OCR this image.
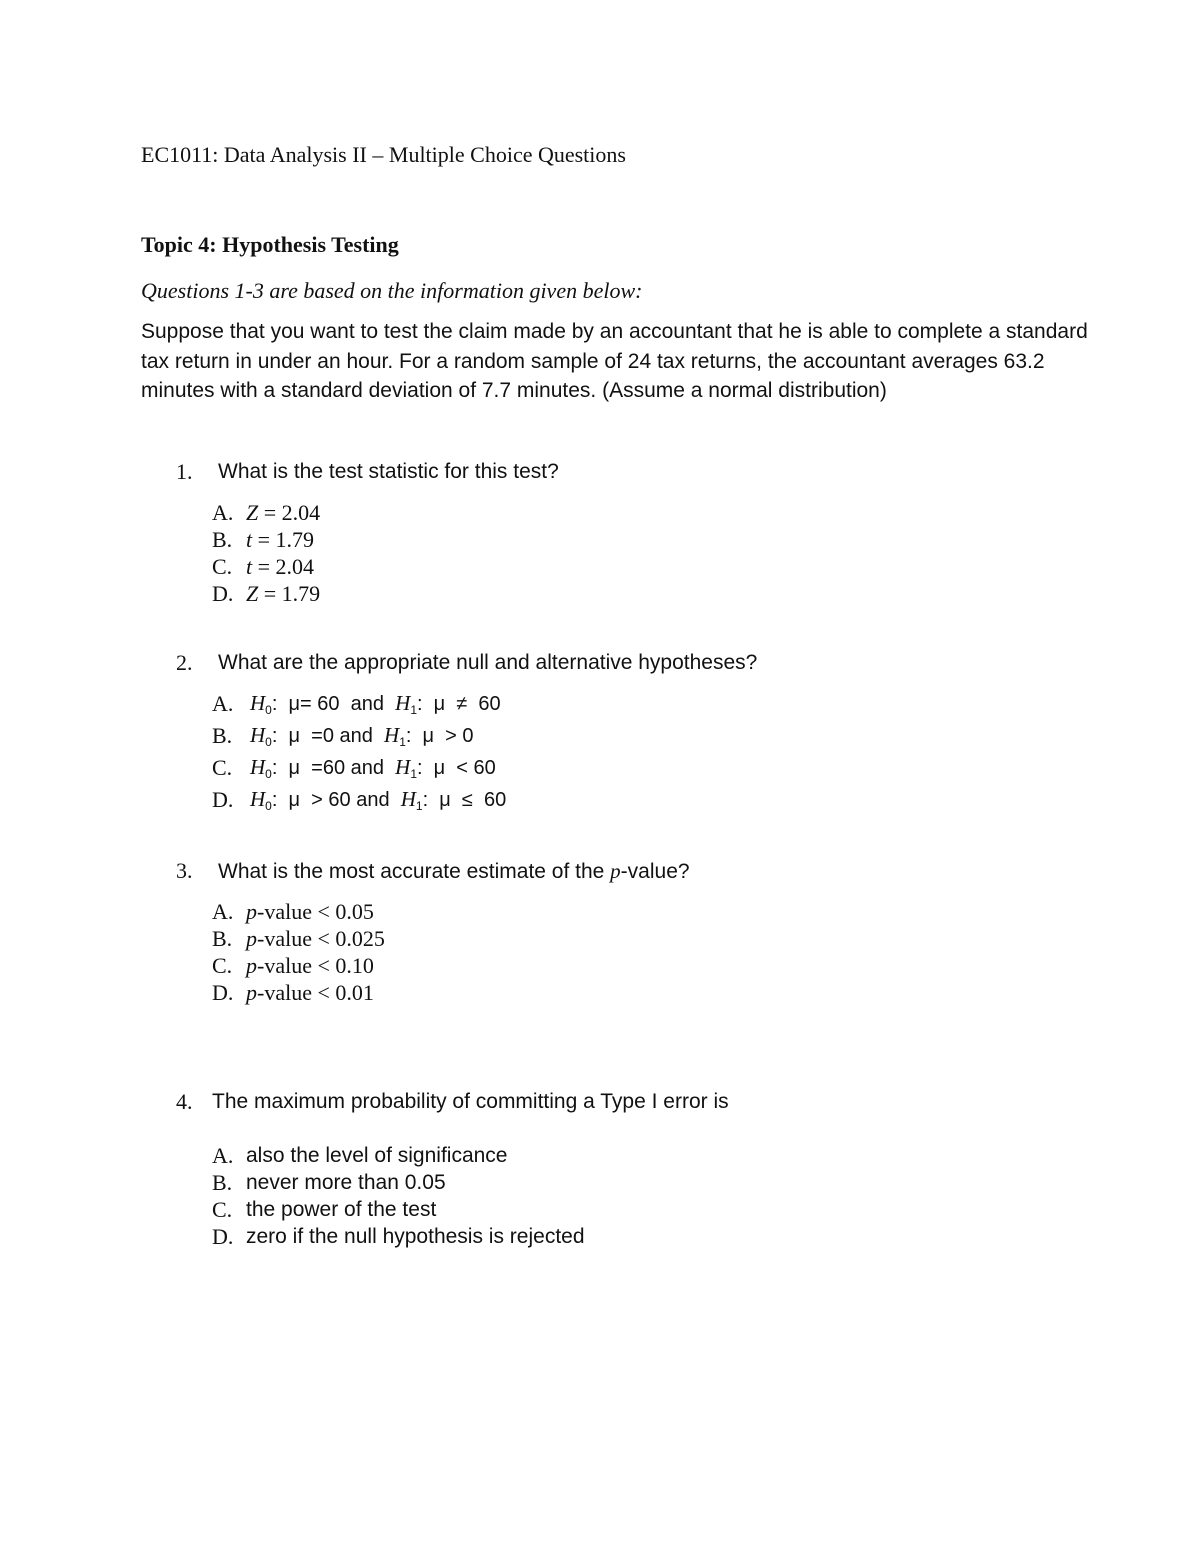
EC1011: Data Analysis II – Multiple Choice Questions
Topic 4: Hypothesis Testing
Questions 1-3 are based on the information given below:
Suppose that you want to test the claim made by an accountant that he is able to complete a standard
tax return in under an hour. For a random sample of 24 tax returns, the accountant averages 63.2
minutes with a standard deviation of 7.7 minutes. (Assume a normal distribution)
1. What is the test statistic for this test?
A. Z = 2.04
B. t = 1.79
C. t = 2.04
D. Z = 1.79
2. What are the appropriate null and alternative hypotheses?
A. $H_0$:  μ= 60  and  $H_1$:  μ  ≠  60
B. $H_0$:  μ  =0 and  $H_1$:  μ  > 0
C. $H_0$:  μ  =60 and  $H_1$:  μ  < 60
D. $H_0$:  μ  > 60 and  $H_1$:  μ  ≤  60
3. What is the most accurate estimate of the p-value?
A. p-value < 0.05
B. p-value < 0.025
C. p-value < 0.10
D. p-value < 0.01
4. The maximum probability of committing a Type I error is
A. also the level of significance
B. never more than 0.05
C. the power of the test
D. zero if the null hypothesis is rejected
